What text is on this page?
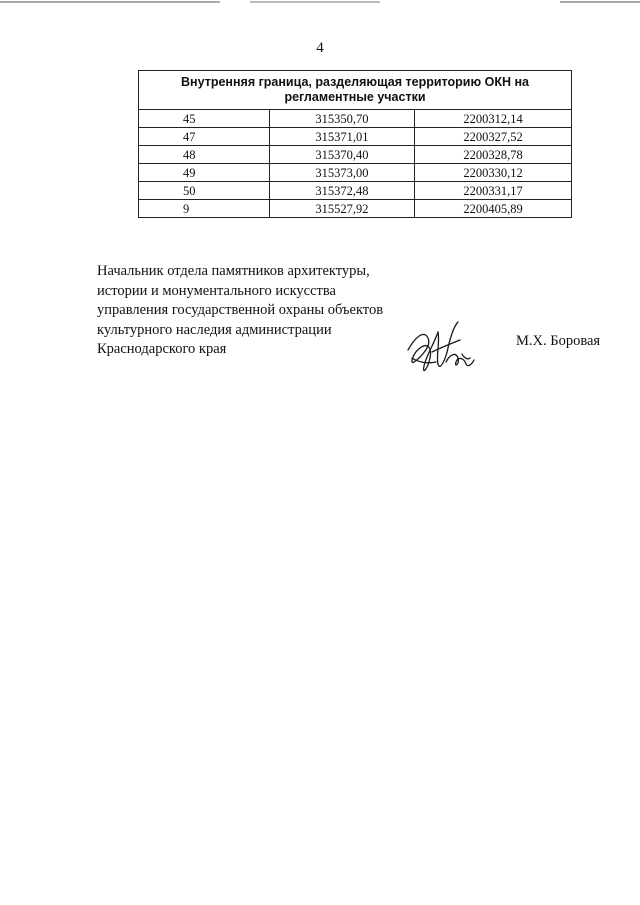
4
Внутренняя граница, разделяющая территорию ОКН на регламентные участки		
45	315350,70	2200312,14
47	315371,01	2200327,52
48	315370,40	2200328,78
49	315373,00	2200330,12
50	315372,48	2200331,17
9	315527,92	2200405,89
Начальник отдела памятников архитектуры,
истории и монументального искусства
управления государственной охраны объектов
культурного наследия администрации
Краснодарского края	М.Х. Боровая
